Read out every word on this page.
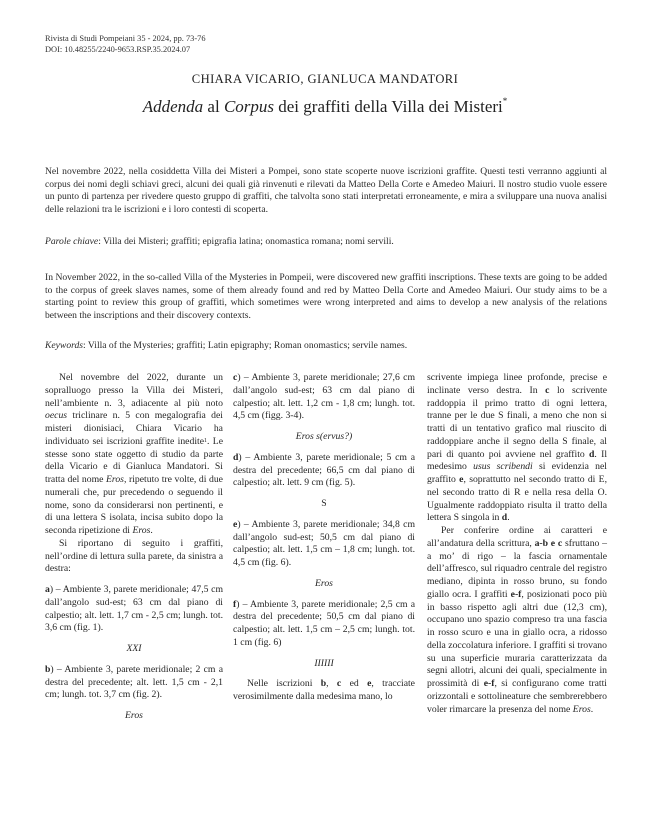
Rivista di Studi Pompeiani 35 - 2024, pp. 73-76
DOI: 10.48255/2240-9653.RSP.35.2024.07
CHIARA VICARIO, GIANLUCA MANDATORI
Addenda al Corpus dei graffiti della Villa dei Misteri*

Nel novembre 2022, nella cosiddetta Villa dei Misteri a Pompei, sono state scoperte nuove iscrizioni graffite. Questi testi verranno aggiunti al corpus dei nomi degli schiavi greci, alcuni dei quali già rinvenuti e rilevati da Matteo Della Corte e Amedeo Maiuri. Il nostro studio vuole essere un punto di partenza per rivedere questo gruppo di graffiti, che talvolta sono stati interpretati erroneamente, e mira a sviluppare una nuova analisi delle relazioni tra le iscrizioni e i loro contesti di scoperta.

Parole chiave: Villa dei Misteri; graffiti; epigrafia latina; onomastica romana; nomi servili.

In November 2022, in the so-called Villa of the Mysteries in Pompeii, were discovered new graffiti inscriptions. These texts are going to be added to the corpus of greek slaves names, some of them already found and red by Matteo Della Corte and Amedeo Maiuri. Our study aims to be a starting point to review this group of graffiti, which sometimes were wrong interpreted and aims to develop a new analysis of the relations between the inscriptions and their discovery contexts.

Keywords: Villa of the Mysteries; graffiti; Latin epigraphy; Roman onomastics; servile names.

Nel novembre del 2022, durante un sopralluogo presso la Villa dei Misteri, nell’ambiente n. 3, adiacente al più noto oecus triclinare n. 5 con megalografia dei misteri dionisiaci, Chiara Vicario ha individuato sei iscrizioni graffite inedite$^1$. Le stesse sono state oggetto di studio da parte della Vicario e di Gianluca Mandatori. Si tratta del nome Eros, ripetuto tre volte, di due numerali che, pur precedendo o seguendo il nome, sono da considerarsi non pertinenti, e di una lettera S isolata, incisa subito dopo la seconda ripetizione di Eros.

Si riportano di seguito i graffiti, nell’ordine di lettura sulla parete, da sinistra a destra:

a) – Ambiente 3, parete meridionale; 47,5 cm dall’angolo sud-est; 63 cm dal piano di calpestio; alt. lett. 1,7 cm - 2,5 cm; lungh. tot. 3,6 cm (fig. 1).

XXI

b) – Ambiente 3, parete meridionale; 2 cm a destra del precedente; alt. lett. 1,5 cm - 2,1 cm; lungh. tot. 3,7 cm (fig. 2).

Eros

c) – Ambiente 3, parete meridionale; 27,6 cm dall’angolo sud-est; 63 cm dal piano di calpestio; alt. lett. 1,2 cm - 1,8 cm; lungh. tot. 4,5 cm (figg. 3-4).

Eros s(ervus?)

d) – Ambiente 3, parete meridionale; 5 cm a destra del precedente; 66,5 cm dal piano di calpestio; alt. lett. 9 cm (fig. 5).

S

e) – Ambiente 3, parete meridionale; 34,8 cm dall’angolo sud-est; 50,5 cm dal piano di calpestio; alt. lett. 1,5 cm – 1,8 cm; lungh. tot. 4,5 cm (fig. 6).

Eros

f) – Ambiente 3, parete meridionale; 2,5 cm a destra del precedente; 50,5 cm dal piano di calpestio; alt. lett. 1,5 cm – 2,5 cm; lungh. tot. 1 cm (fig. 6)

IIIIII

Nelle iscrizioni b, c ed e, tracciate verosimilmente dalla medesima mano, lo

scrivente impiega linee profonde, precise e inclinate verso destra. In c lo scrivente raddoppia il primo tratto di ogni lettera, tranne per le due S finali, a meno che non si tratti di un tentativo grafico mal riuscito di raddoppiare anche il segno della S finale, al pari di quanto poi avviene nel graffito d. Il medesimo usus scribendi si evidenzia nel graffito e, soprattutto nel secondo tratto di E, nel secondo tratto di R e nella resa della O. Ugualmente raddoppiato risulta il tratto della lettera S singola in d.

Per conferire ordine ai caratteri e all’andatura della scrittura, a-b e c sfruttano – a mo’ di rigo – la fascia ornamentale dell’affresco, sul riquadro centrale del registro mediano, dipinta in rosso bruno, su fondo giallo ocra. I graffiti e-f, posizionati poco più in basso rispetto agli altri due (12,3 cm), occupano uno spazio compreso tra una fascia in rosso scuro e una in giallo ocra, a ridosso della zoccolatura inferiore. I graffiti si trovano su una superficie muraria caratterizzata da segni allotri, alcuni dei quali, specialmente in prossimità di e-f, si configurano come tratti orizzontali e sottolineature che sembrerebbero voler rimarcare la presenza del nome Eros.
